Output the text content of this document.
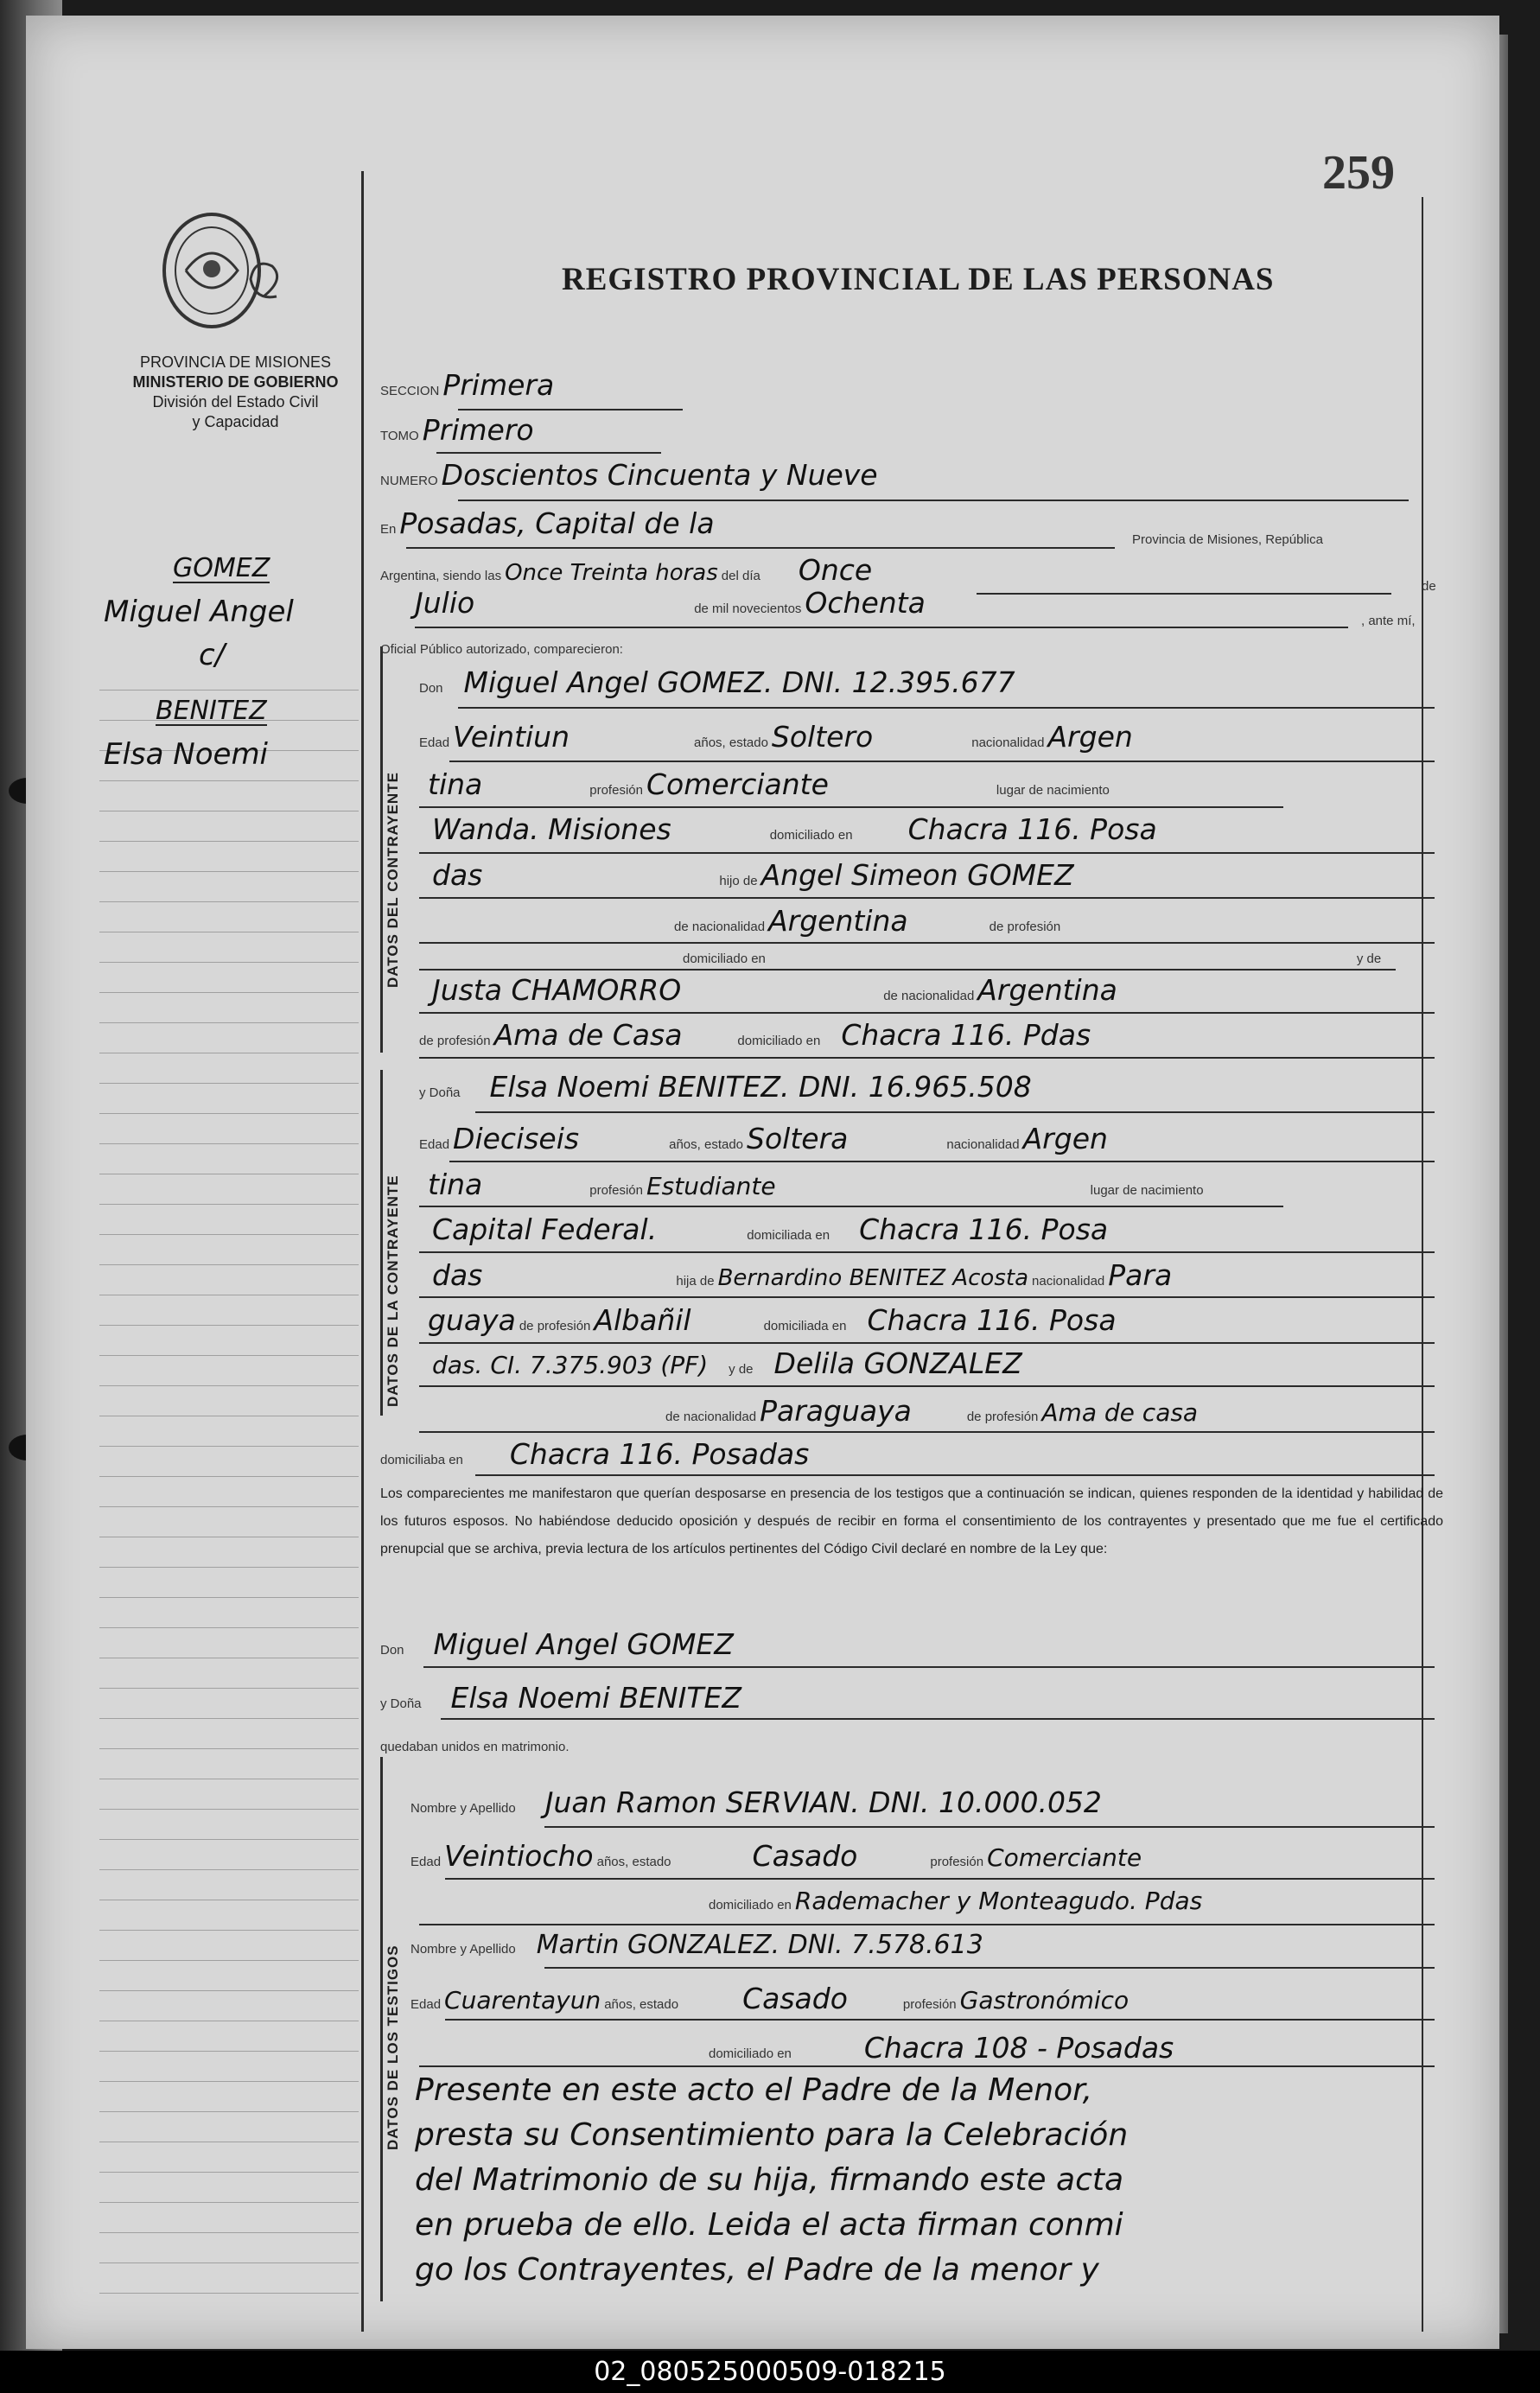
259
REGISTRO PROVINCIAL DE LAS PERSONAS
PROVINCIA DE MISIONES
MINISTERIO DE GOBIERNO
División del Estado Civil
y Capacidad
GOMEZ
Miguel Angel
c/
BENITEZ
Elsa Noemi
SECCION Primera
TOMO Primero
NUMERO Doscientos Cincuenta y Nueve
En Posadas, Capital de la	Provincia de Misiones, República
Argentina, siendo las Once Treinta horas del día Once	de
Julio	de mil novecientos Ochenta
, ante mí,
Oficial Público autorizado, comparecieron:
DATOS DEL CONTRAYENTE
Don Miguel Angel GOMEZ. DNI. 12.395.677
Edad Veintiun	años, estado Soltero	nacionalidad Argen
tina	profesión Comerciante	lugar de nacimiento
Wanda. Misiones	domiciliado en Chacra 116. Posa
das	hijo de Angel Simeon GOMEZ
de nacionalidad Argentina	de profesión
domiciliado en	y de
Justa CHAMORRO	de nacionalidad Argentina
de profesión Ama de Casa	domiciliado en Chacra 116. Pdas
DATOS DE LA CONTRAYENTE
y Doña Elsa Noemi BENITEZ. DNI. 16.965.508
Edad Dieciseis	años, estado Soltera	nacionalidad Argen
tina	profesión Estudiante	lugar de nacimiento
Capital Federal.	domiciliada en Chacra 116. Posa
das	hija de Bernardino BENITEZ Acosta nacionalidad Para
guaya de profesión Albañil	domiciliada en Chacra 116. Posa
das. CI. 7.375.903 (PF) y de Delila GONZALEZ
de nacionalidad Paraguaya	de profesión Ama de casa
domiciliaba en Chacra 116. Posadas
Los comparecientes me manifestaron que querían desposarse en presencia de los testigos que a continuación se indican, quienes responden de la identidad y habilidad de los futuros esposos. No habiéndose deducido oposición y después de recibir en forma el consentimiento de los contrayentes y presentado que me fue el certificado prenupcial que se archiva, previa lectura de los artículos pertinentes del Código Civil declaré en nombre de la Ley que:
Don Miguel Angel GOMEZ
y Doña Elsa Noemi BENITEZ
quedaban unidos en matrimonio.
DATOS DE LOS TESTIGOS
Nombre y Apellido Juan Ramon SERVIAN. DNI. 10.000.052
Edad Veintiocho años, estado	Casado	profesión Comerciante
domiciliado en Rademacher y Monteagudo. Pdas
Nombre y Apellido Martin GONZALEZ. DNI. 7.578.613
Edad Cuarentayun años, estado Casado	profesión Gastronómico
domiciliado en	Chacra 108 - Posadas
Presente en este acto el Padre de la Menor,
presta su Consentimiento para la Celebración
del Matrimonio de su hija, firmando este acta
en prueba de ello. Leida el acta firman conmi
go los Contrayentes, el Padre de la menor y
02_080525000509-018215
